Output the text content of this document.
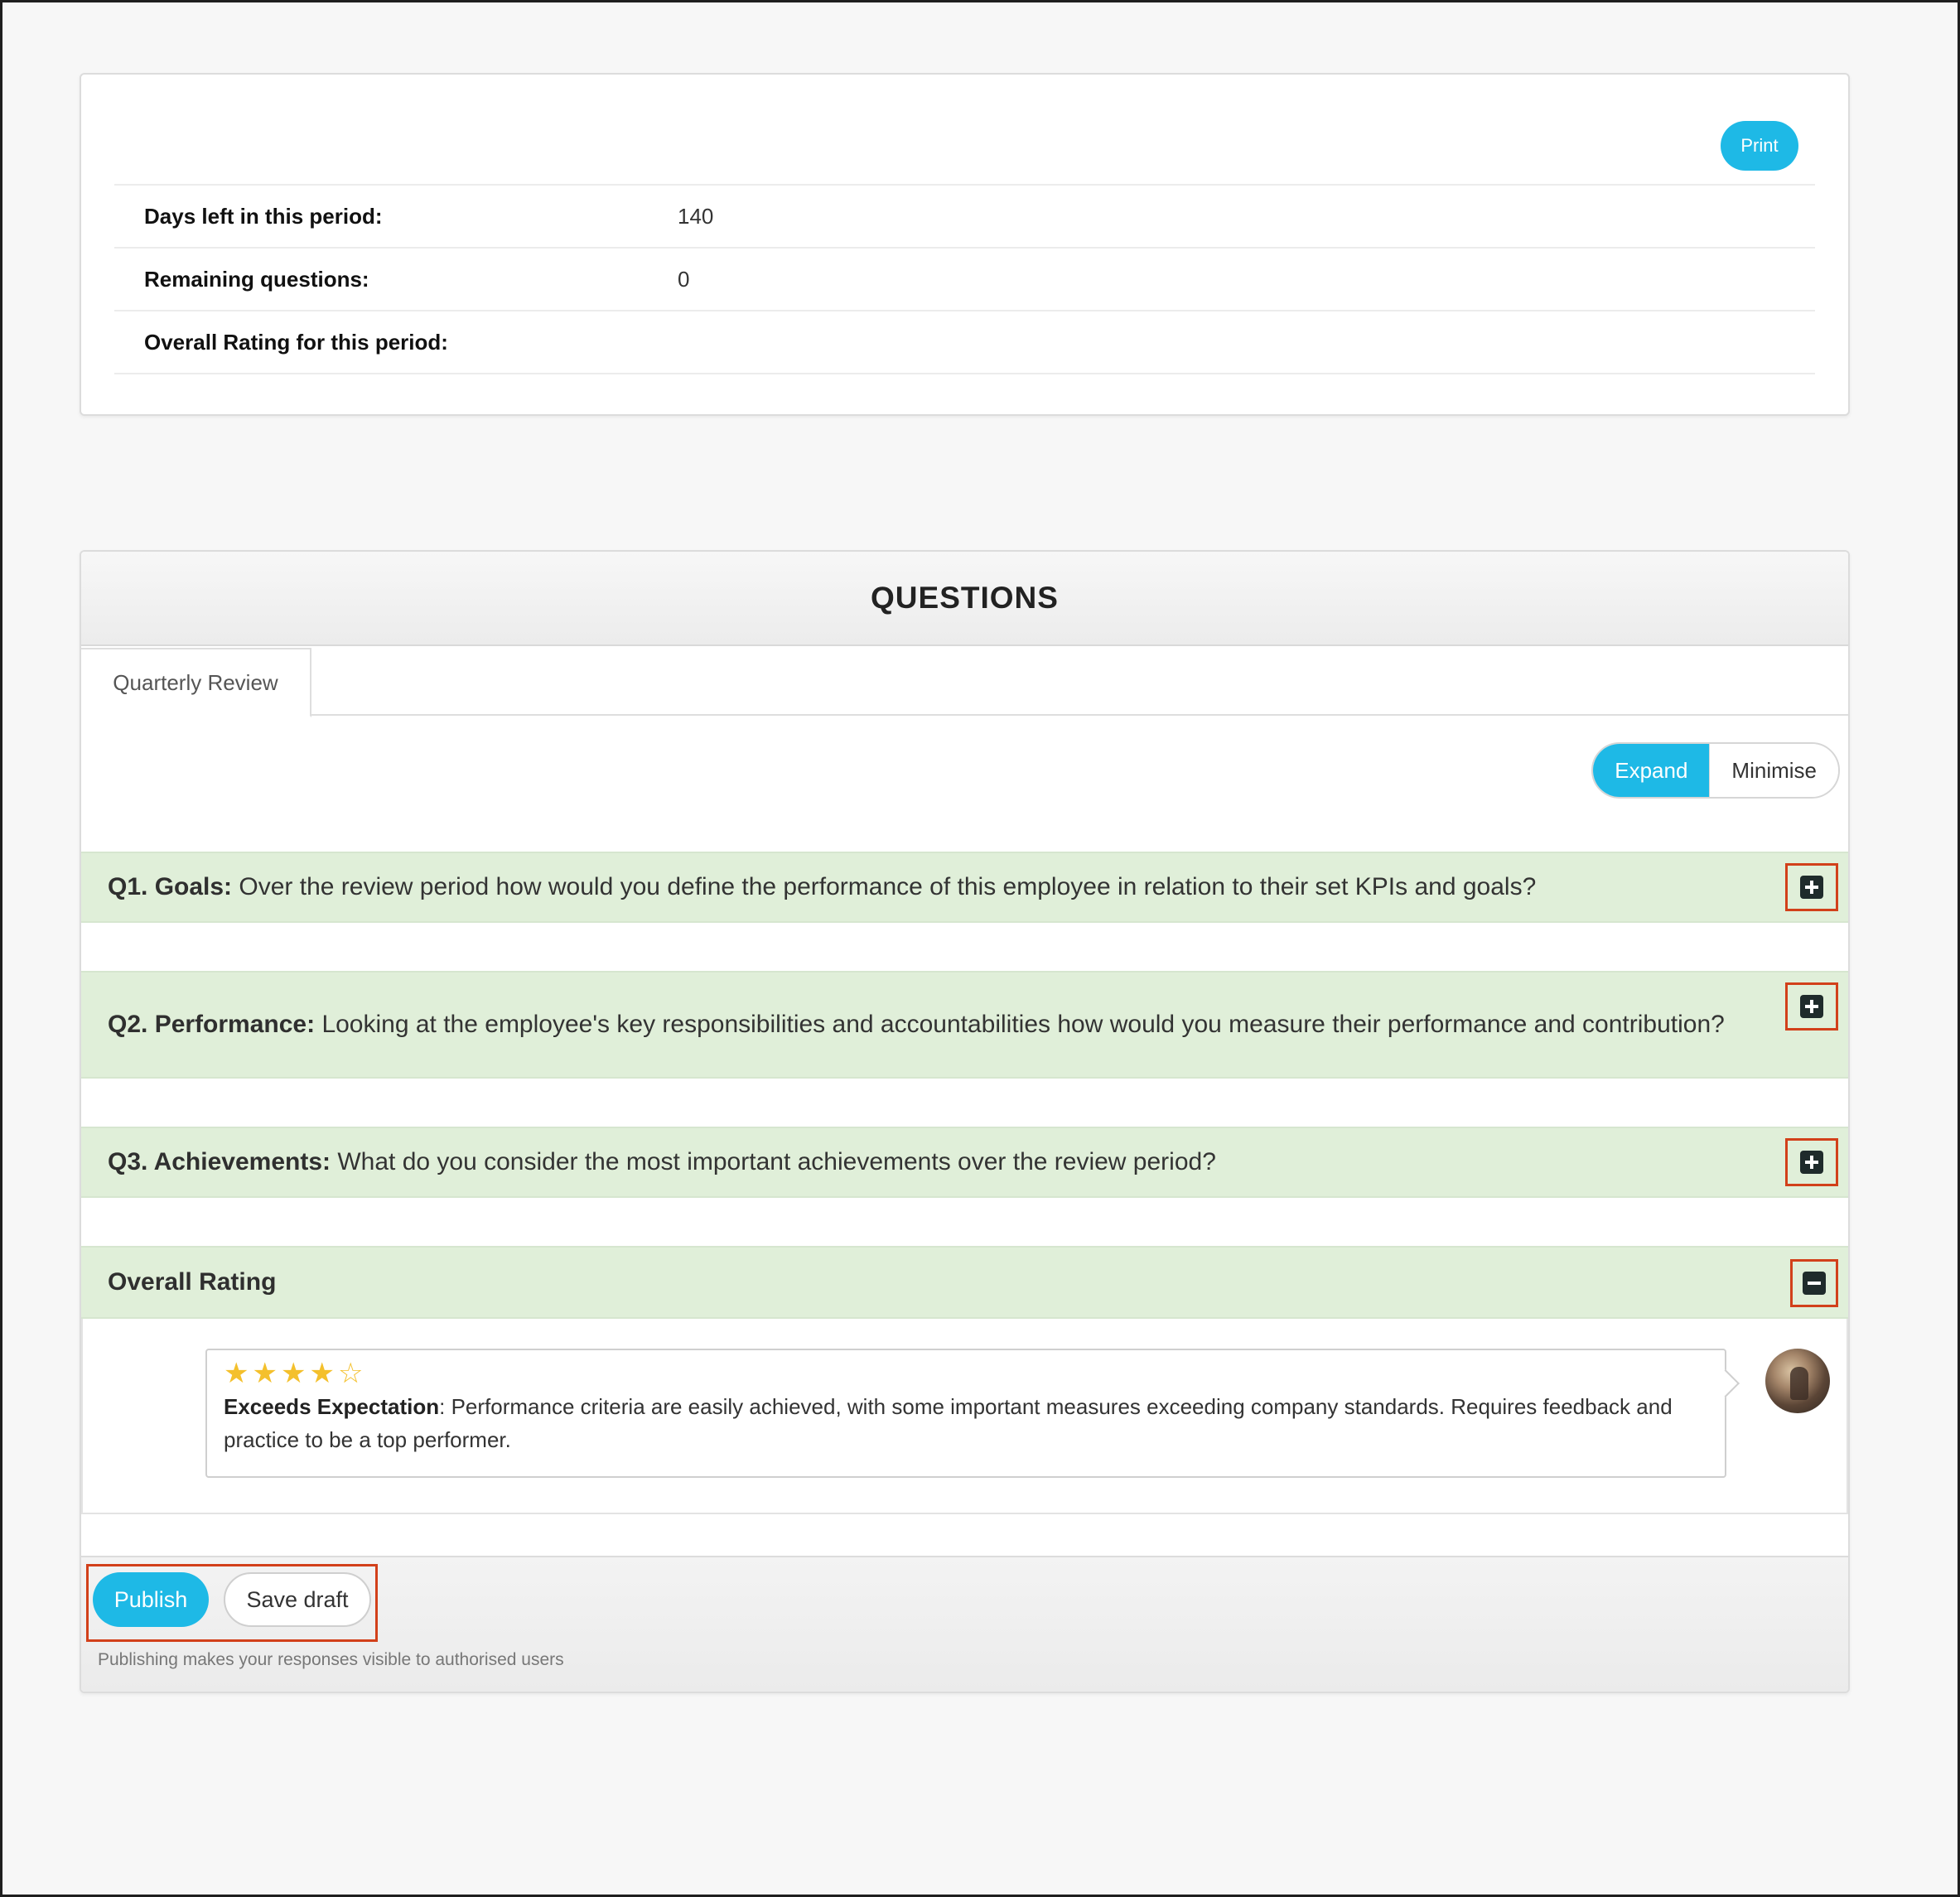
Print
Days left in this period:	140
Remaining questions:	0
Overall Rating for this period:
QUESTIONS
Quarterly Review
Expand	Minimise
Q1. Goals: Over the review period how would you define the performance of this employee in relation to their set KPIs and goals?
Q2. Performance: Looking at the employee's key responsibilities and accountabilities how would you measure their performance and contribution?
Q3. Achievements: What do you consider the most important achievements over the review period?
Overall Rating
★ ★ ★ ★ ☆
Exceeds Expectation: Performance criteria are easily achieved, with some important measures exceeding company standards. Requires feedback and practice to be a top performer.
Publish	Save draft
Publishing makes your responses visible to authorised users
